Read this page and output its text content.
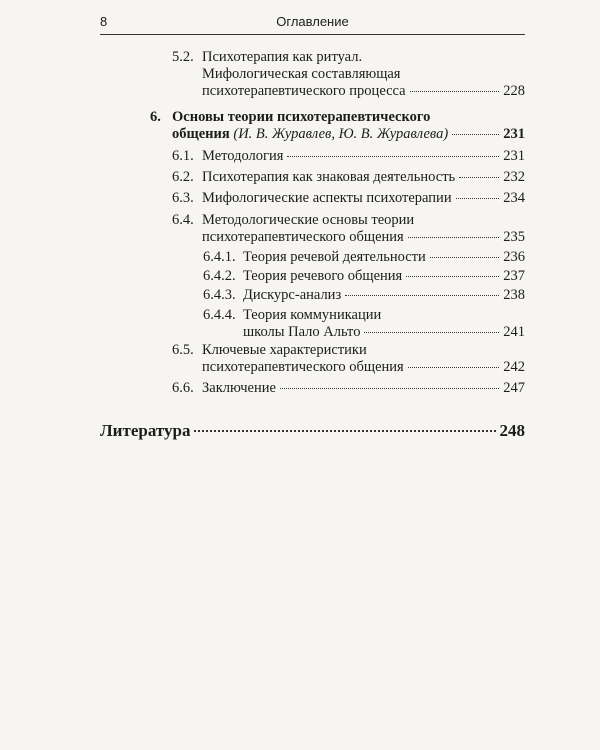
8	Оглавление
5.2. Психотерапия как ритуал.
Мифологическая составляющая
психотерапевтического процесса	228
6. Основы теории психотерапевтического
общения (И. В. Журавлев, Ю. В. Журавлева)	231
6.1. Методология	231
6.2. Психотерапия как знаковая деятельность	232
6.3. Мифологические аспекты психотерапии	234
6.4. Методологические основы теории
психотерапевтического общения	235
6.4.1. Теория речевой деятельности	236
6.4.2. Теория речевого общения	237
6.4.3. Дискурс-анализ	238
6.4.4. Теория коммуникации
школы Пало Альто	241
6.5. Ключевые характеристики
психотерапевтического общения	242
6.6. Заключение	247
Литература	248
